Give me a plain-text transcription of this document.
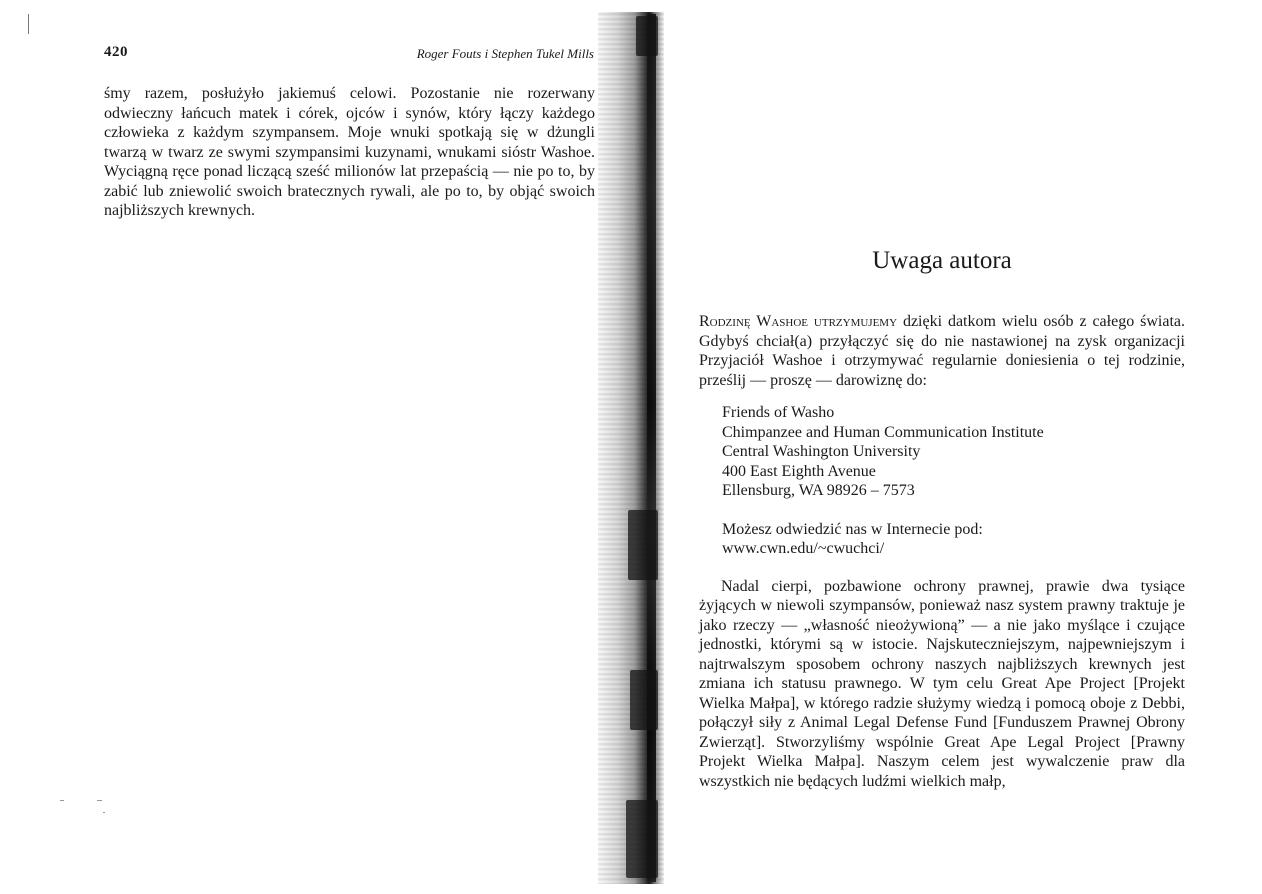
420	Roger Fouts i Stephen Tukel Mills
śmy razem, posłużyło jakiemuś celowi. Pozostanie nie rozerwany odwieczny łańcuch matek i córek, ojców i synów, który łączy każdego człowieka z każdym szympansem. Moje wnuki spotkają się w dżungli twarzą w twarz ze swymi szympansimi kuzynami, wnukami sióstr Washoe. Wyciągną ręce ponad liczącą sześć milionów lat przepaścią — nie po to, by zabić lub zniewolić swoich bratecznych rywali, ale po to, by objąć swoich najbliższych krewnych.
Uwaga autora

Rodzinę Washoe utrzymujemy dzięki datkom wielu osób z całego świata. Gdybyś chciał(a) przyłączyć się do nie nastawionej na zysk organizacji Przyjaciół Washoe i otrzymywać regularnie doniesienia o tej rodzinie, prześlij — proszę — darowiznę do:

Friends of Washo
Chimpanzee and Human Communication Institute
Central Washington University
400 East Eighth Avenue
Ellensburg, WA 98926 – 7573
Możesz odwiedzić nas w Internecie pod:
www.cwn.edu/~cwuchci/

Nadal cierpi, pozbawione ochrony prawnej, prawie dwa tysiące żyjących w niewoli szympansów, ponieważ nasz system prawny traktuje je jako rzeczy — „własność nieożywioną” — a nie jako myślące i czujące jednostki, którymi są w istocie. Najskuteczniejszym, najpewniejszym i najtrwalszym sposobem ochrony naszych najbliższych krewnych jest zmiana ich statusu prawnego. W tym celu Great Ape Project [Projekt Wielka Małpa], w którego radzie służymy wiedzą i pomocą oboje z Debbi, połączył siły z Animal Legal Defense Fund [Funduszem Prawnej Obrony Zwierząt]. Stworzyliśmy wspólnie Great Ape Legal Project [Prawny Projekt Wielka Małpa]. Naszym celem jest wywalczenie praw dla wszystkich nie będących ludźmi wielkich małp,
